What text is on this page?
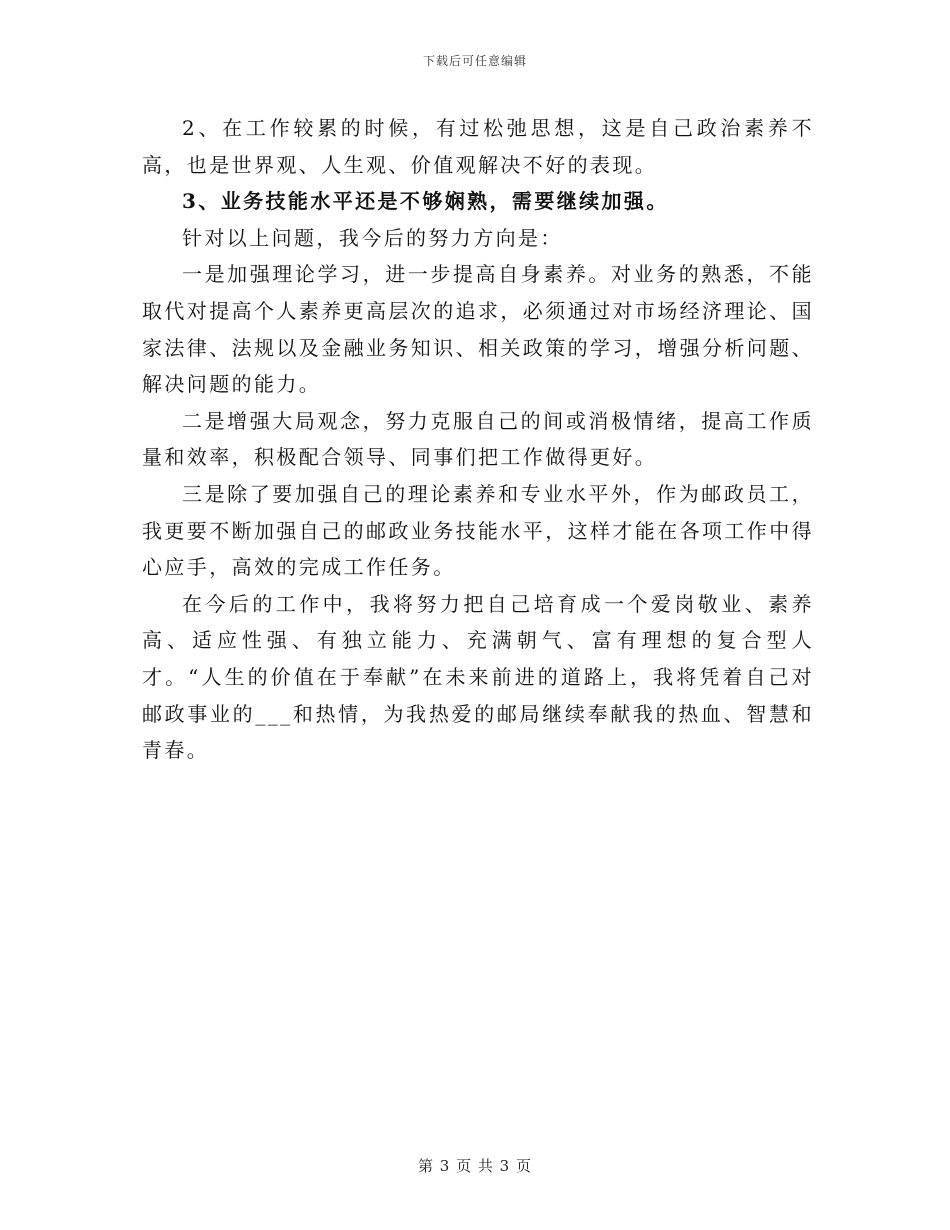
下载后可任意编辑

2、在工作较累的时候，有过松弛思想，这是自己政治素养不高，也是世界观、人生观、价值观解决不好的表现。

3、业务技能水平还是不够娴熟，需要继续加强。

针对以上问题，我今后的努力方向是：

一是加强理论学习，进一步提高自身素养。对业务的熟悉，不能取代对提高个人素养更高层次的追求，必须通过对市场经济理论、国家法律、法规以及金融业务知识、相关政策的学习，增强分析问题、解决问题的能力。

二是增强大局观念，努力克服自己的间或消极情绪，提高工作质量和效率，积极配合领导、同事们把工作做得更好。

三是除了要加强自己的理论素养和专业水平外，作为邮政员工，我更要不断加强自己的邮政业务技能水平，这样才能在各项工作中得心应手，高效的完成工作任务。

在今后的工作中，我将努力把自己培育成一个爱岗敬业、素养高、适应性强、有独立能力、充满朝气、富有理想的复合型人才。“人生的价值在于奉献”在未来前进的道路上，我将凭着自己对邮政事业的___和热情，为我热爱的邮局继续奉献我的热血、智慧和青春。

第 3 页 共 3 页
